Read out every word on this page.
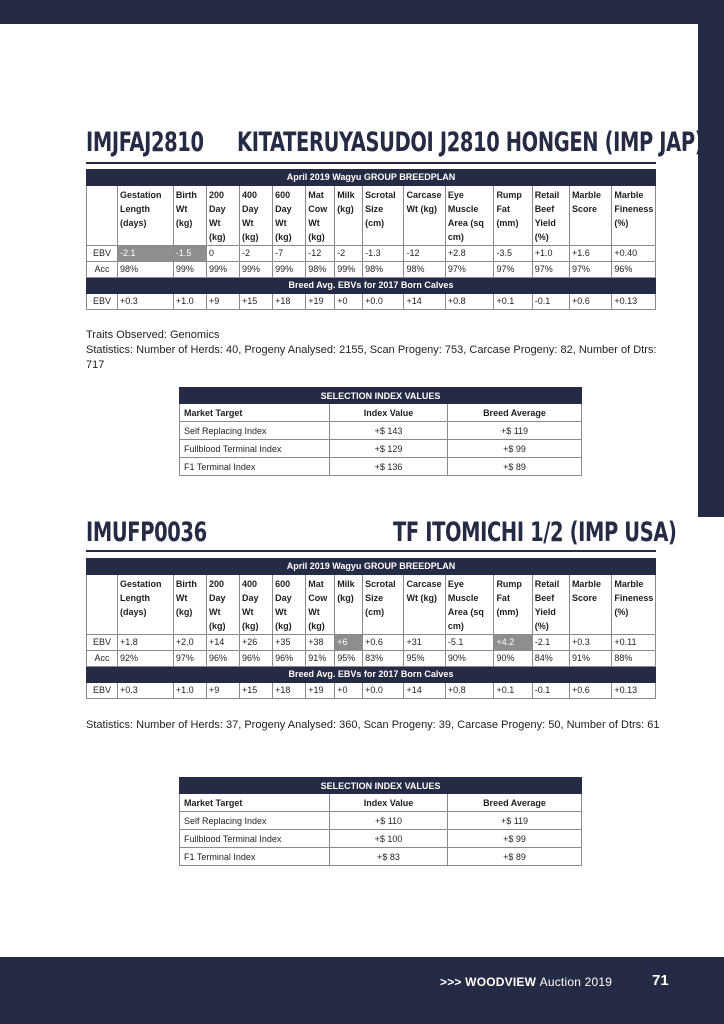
IMJFAJ2810 KITATERUYASUDOI J2810 HONGEN (IMP JAP)
April 2019 Wagyu GROUP BREEDPLAN														
	Gestation Length (days)	Birth Wt (kg)	200 Day Wt (kg)	400 Day Wt (kg)	600 Day Wt (kg)	Mat Cow Wt (kg)	Milk (kg)	Scrotal Size (cm)	Carcase Wt (kg)	Eye Muscle Area (sq cm)	Rump Fat (mm)	Retail Beef Yield (%)	Marble Score	Marble Fineness (%)
EBV	-2.1	-1.5	0	-2	-7	-12	-2	-1.3	-12	+2.8	-3.5	+1.0	+1.6	+0.40
Acc	98%	99%	99%	99%	99%	98%	99%	98%	98%	97%	97%	97%	97%	96%
Breed Avg. EBVs for 2017 Born Calves														
EBV	+0.3	+1.0	+9	+15	+18	+19	+0	+0.0	+14	+0.8	+0.1	-0.1	+0.6	+0.13
Traits Observed: Genomics
Statistics: Number of Herds: 40, Progeny Analysed: 2155, Scan Progeny: 753, Carcase Progeny: 82, Number of Dtrs: 717
SELECTION INDEX VALUES		
Market Target	Index Value	Breed Average
Self Replacing Index	+$ 143	+$ 119
Fullblood Terminal Index	+$ 129	+$ 99
F1 Terminal Index	+$ 136	+$ 89
IMUFP0036	TF ITOMICHI 1/2 (IMP USA)
April 2019 Wagyu GROUP BREEDPLAN														
	Gestation Length (days)	Birth Wt (kg)	200 Day Wt (kg)	400 Day Wt (kg)	600 Day Wt (kg)	Mat Cow Wt (kg)	Milk (kg)	Scrotal Size (cm)	Carcase Wt (kg)	Eye Muscle Area (sq cm)	Rump Fat (mm)	Retail Beef Yield (%)	Marble Score	Marble Fineness (%)
EBV	+1.8	+2.0	+14	+26	+35	+38	+6	+0.6	+31	-5.1	+4.2	-2.1	+0.3	+0.11
Acc	92%	97%	96%	96%	96%	91%	95%	83%	95%	90%	90%	84%	91%	88%
Breed Avg. EBVs for 2017 Born Calves														
EBV	+0.3	+1.0	+9	+15	+18	+19	+0	+0.0	+14	+0.8	+0.1	-0.1	+0.6	+0.13
Statistics: Number of Herds: 37, Progeny Analysed: 360, Scan Progeny: 39, Carcase Progeny: 50, Number of Dtrs: 61
SELECTION INDEX VALUES		
Market Target	Index Value	Breed Average
Self Replacing Index	+$ 110	+$ 119
Fullblood Terminal Index	+$ 100	+$ 99
F1 Terminal Index	+$ 83	+$ 89
>>> WOODVIEW Auction 2019	71
